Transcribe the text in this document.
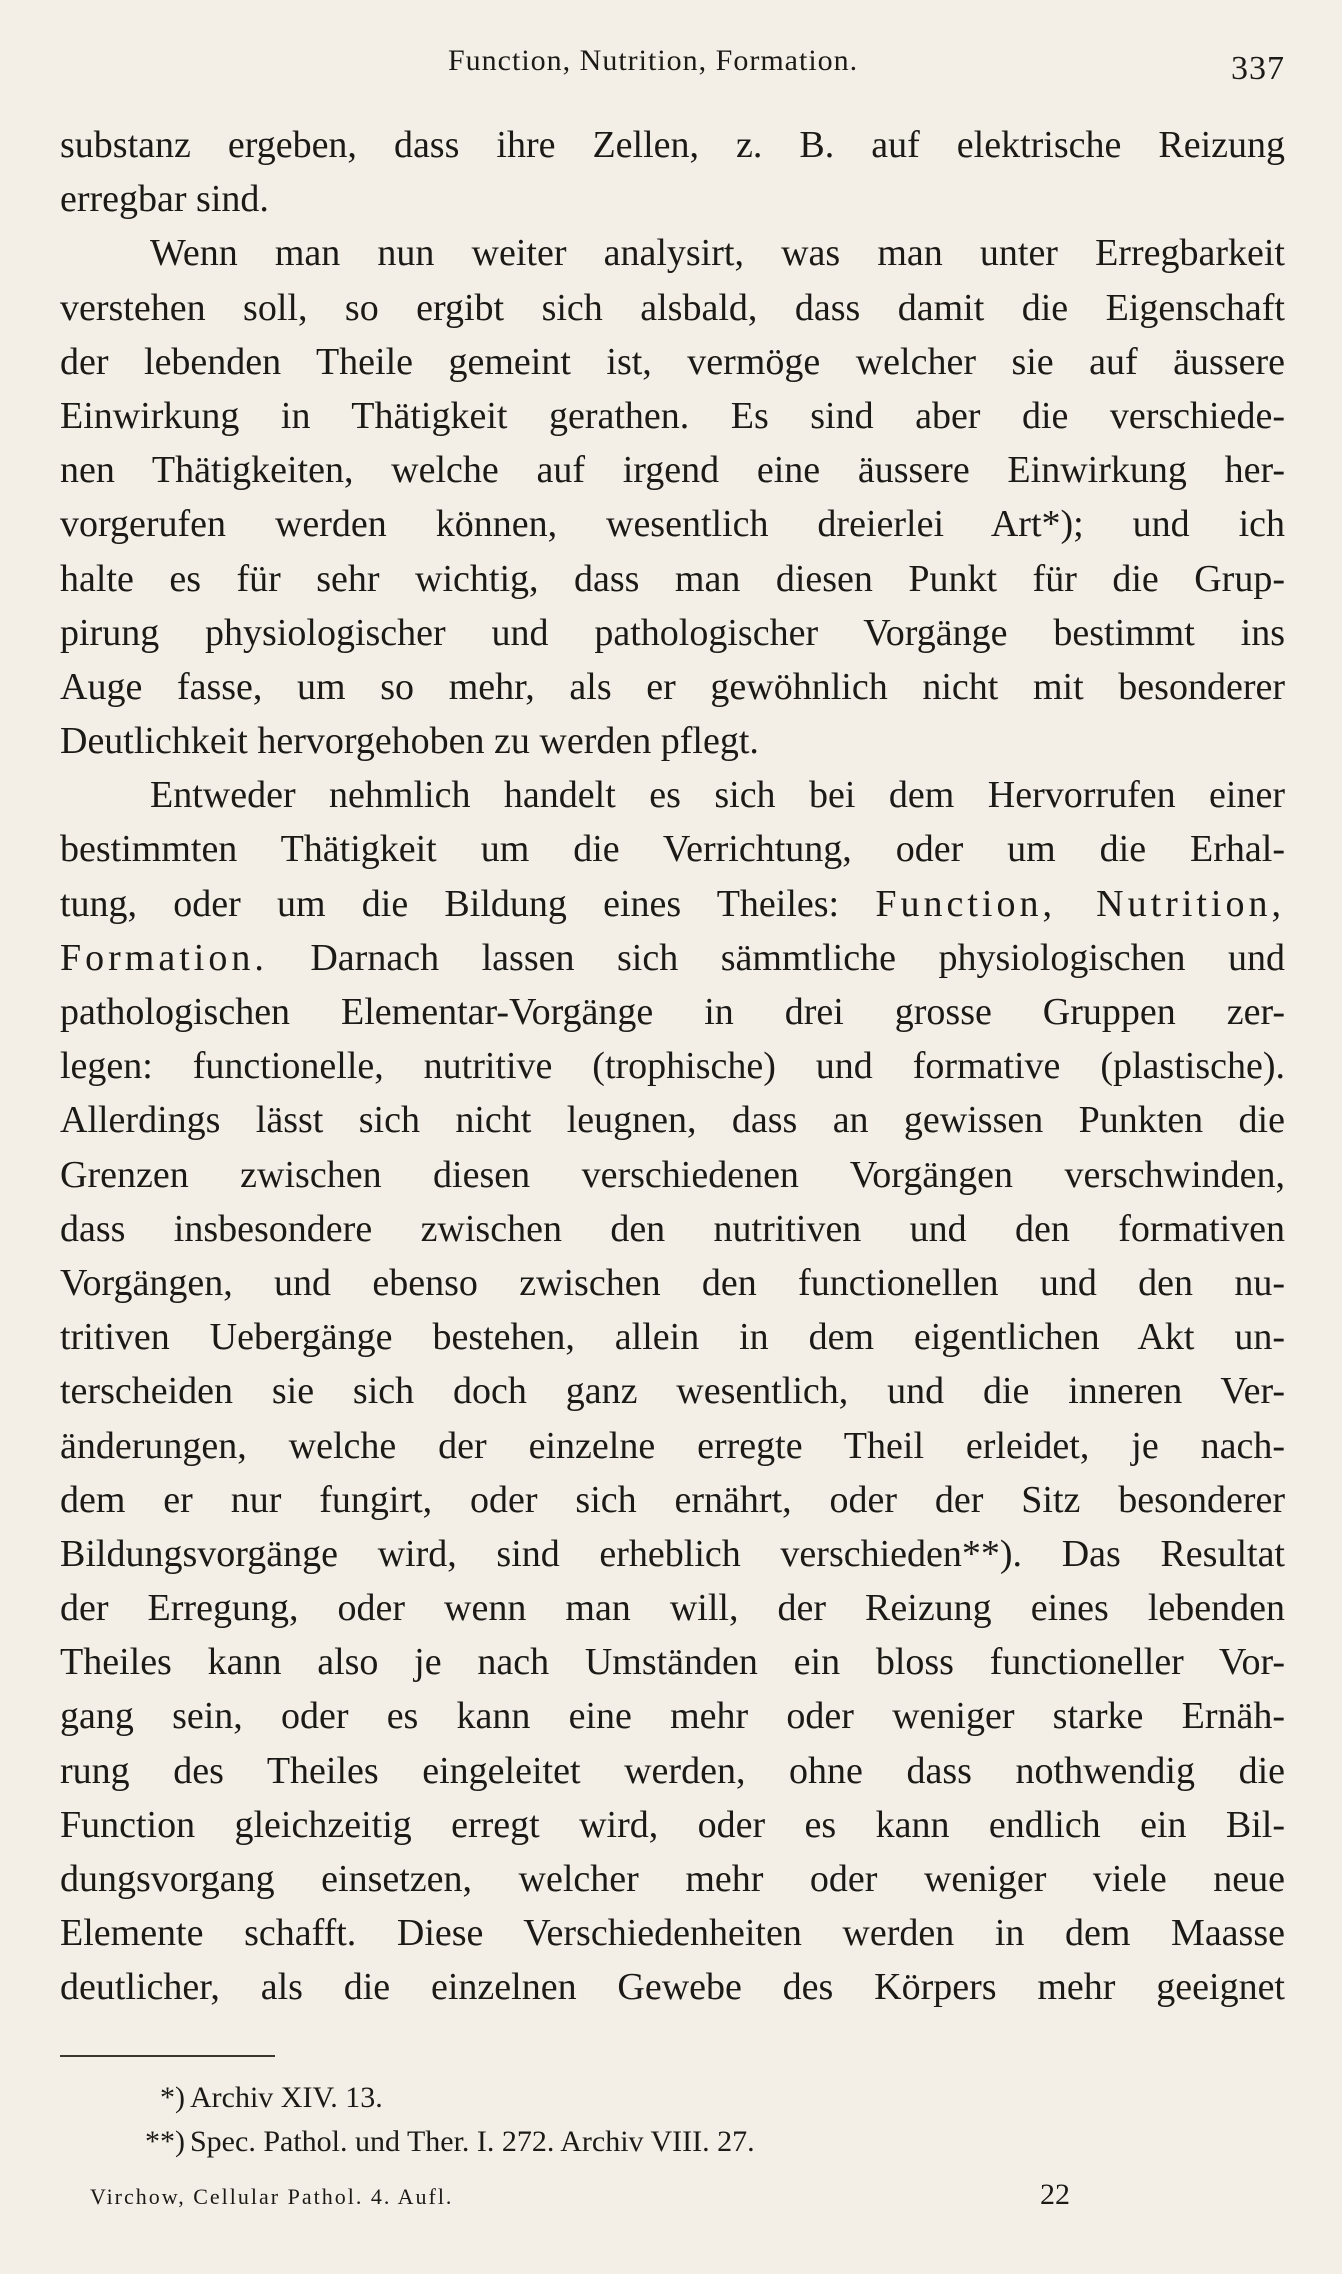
Function, Nutrition, Formation.	337
substanz ergeben, dass ihre Zellen, z. B. auf elektrische Reizung
erregbar sind.
Wenn man nun weiter analysirt, was man unter Erregbarkeit
verstehen soll, so ergibt sich alsbald, dass damit die Eigenschaft
der lebenden Theile gemeint ist, vermöge welcher sie auf äussere
Einwirkung in Thätigkeit gerathen. Es sind aber die verschiede-
nen Thätigkeiten, welche auf irgend eine äussere Einwirkung her-
vorgerufen werden können, wesentlich dreierlei Art*); und ich
halte es für sehr wichtig, dass man diesen Punkt für die Grup-
pirung physiologischer und pathologischer Vorgänge bestimmt ins
Auge fasse, um so mehr, als er gewöhnlich nicht mit besonderer
Deutlichkeit hervorgehoben zu werden pflegt.
Entweder nehmlich handelt es sich bei dem Hervorrufen einer
bestimmten Thätigkeit um die Verrichtung, oder um die Erhal-
tung, oder um die Bildung eines Theiles: Function, Nutrition,
Formation. Darnach lassen sich sämmtliche physiologischen und
pathologischen Elementar-Vorgänge in drei grosse Gruppen zer-
legen: functionelle, nutritive (trophische) und formative (plastische).
Allerdings lässt sich nicht leugnen, dass an gewissen Punkten die
Grenzen zwischen diesen verschiedenen Vorgängen verschwinden,
dass insbesondere zwischen den nutritiven und den formativen
Vorgängen, und ebenso zwischen den functionellen und den nu-
tritiven Uebergänge bestehen, allein in dem eigentlichen Akt un-
terscheiden sie sich doch ganz wesentlich, und die inneren Ver-
änderungen, welche der einzelne erregte Theil erleidet, je nach-
dem er nur fungirt, oder sich ernährt, oder der Sitz besonderer
Bildungsvorgänge wird, sind erheblich verschieden**). Das Resultat
der Erregung, oder wenn man will, der Reizung eines lebenden
Theiles kann also je nach Umständen ein bloss functioneller Vor-
gang sein, oder es kann eine mehr oder weniger starke Ernäh-
rung des Theiles eingeleitet werden, ohne dass nothwendig die
Function gleichzeitig erregt wird, oder es kann endlich ein Bil-
dungsvorgang einsetzen, welcher mehr oder weniger viele neue
Elemente schafft. Diese Verschiedenheiten werden in dem Maasse
deutlicher, als die einzelnen Gewebe des Körpers mehr geeignet
*) Archiv XIV. 13.
**) Spec. Pathol. und Ther. I. 272. Archiv VIII. 27.
Virchow, Cellular Pathol. 4. Aufl.	22
